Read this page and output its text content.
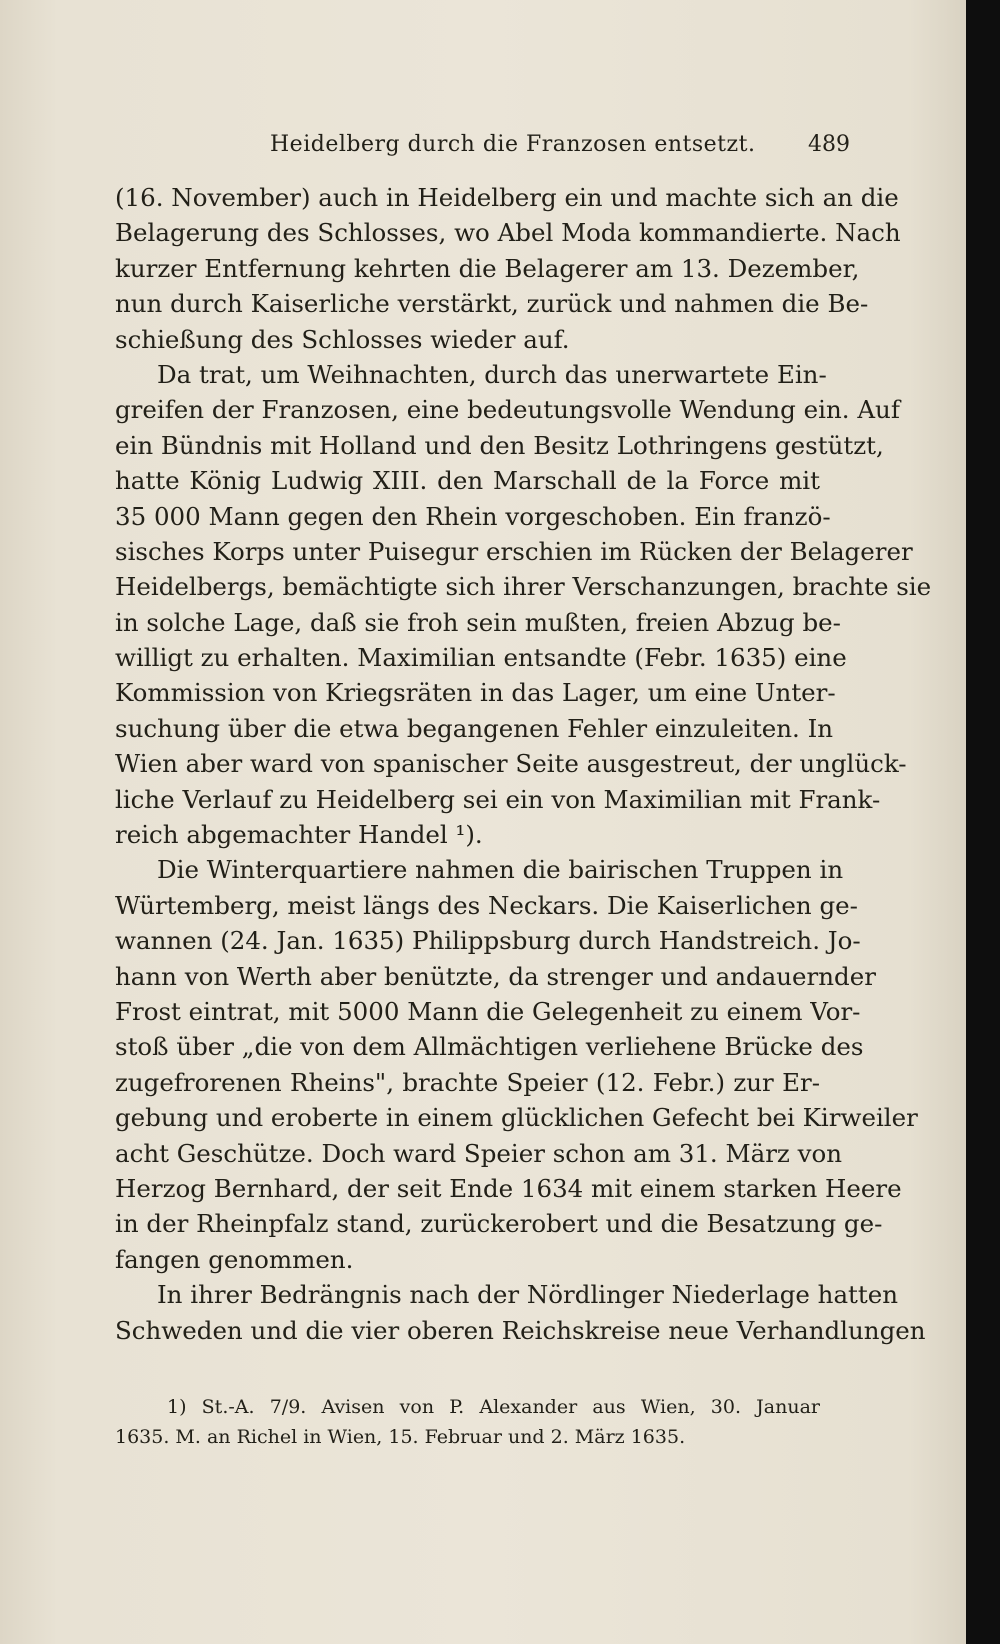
Heidelberg durch die Franzosen entsetzt. 489
(16. November) auch in Heidelberg ein und machte sich an die
Belagerung des Schlosses, wo Abel Moda kommandierte. Nach
kurzer Entfernung kehrten die Belagerer am 13. Dezember,
nun durch Kaiserliche verstärkt, zurück und nahmen die Be-
schießung des Schlosses wieder auf.
Da trat, um Weihnachten, durch das unerwartete Ein-
greifen der Franzosen, eine bedeutungsvolle Wendung ein. Auf
ein Bündnis mit Holland und den Besitz Lothringens gestützt,
hatte König Ludwig XIII. den Marschall de la Force mit
35 000 Mann gegen den Rhein vorgeschoben. Ein franzö-
sisches Korps unter Puisegur erschien im Rücken der Belagerer
Heidelbergs, bemächtigte sich ihrer Verschanzungen, brachte sie
in solche Lage, daß sie froh sein mußten, freien Abzug be-
willigt zu erhalten. Maximilian entsandte (Febr. 1635) eine
Kommission von Kriegsräten in das Lager, um eine Unter-
suchung über die etwa begangenen Fehler einzuleiten. In
Wien aber ward von spanischer Seite ausgestreut, der unglück-
liche Verlauf zu Heidelberg sei ein von Maximilian mit Frank-
reich abgemachter Handel ¹).
Die Winterquartiere nahmen die bairischen Truppen in
Würtemberg, meist längs des Neckars. Die Kaiserlichen ge-
wannen (24. Jan. 1635) Philippsburg durch Handstreich. Jo-
hann von Werth aber benützte, da strenger und andauernder
Frost eintrat, mit 5000 Mann die Gelegenheit zu einem Vor-
stoß über „die von dem Allmächtigen verliehene Brücke des
zugefrorenen Rheins", brachte Speier (12. Febr.) zur Er-
gebung und eroberte in einem glücklichen Gefecht bei Kirweiler
acht Geschütze. Doch ward Speier schon am 31. März von
Herzog Bernhard, der seit Ende 1634 mit einem starken Heere
in der Rheinpfalz stand, zurückerobert und die Besatzung ge-
fangen genommen.
In ihrer Bedrängnis nach der Nördlinger Niederlage hatten
Schweden und die vier oberen Reichskreise neue Verhandlungen
1) St.-A. 7/9. Avisen von P. Alexander aus Wien, 30. Januar
1635. M. an Richel in Wien, 15. Februar und 2. März 1635.
